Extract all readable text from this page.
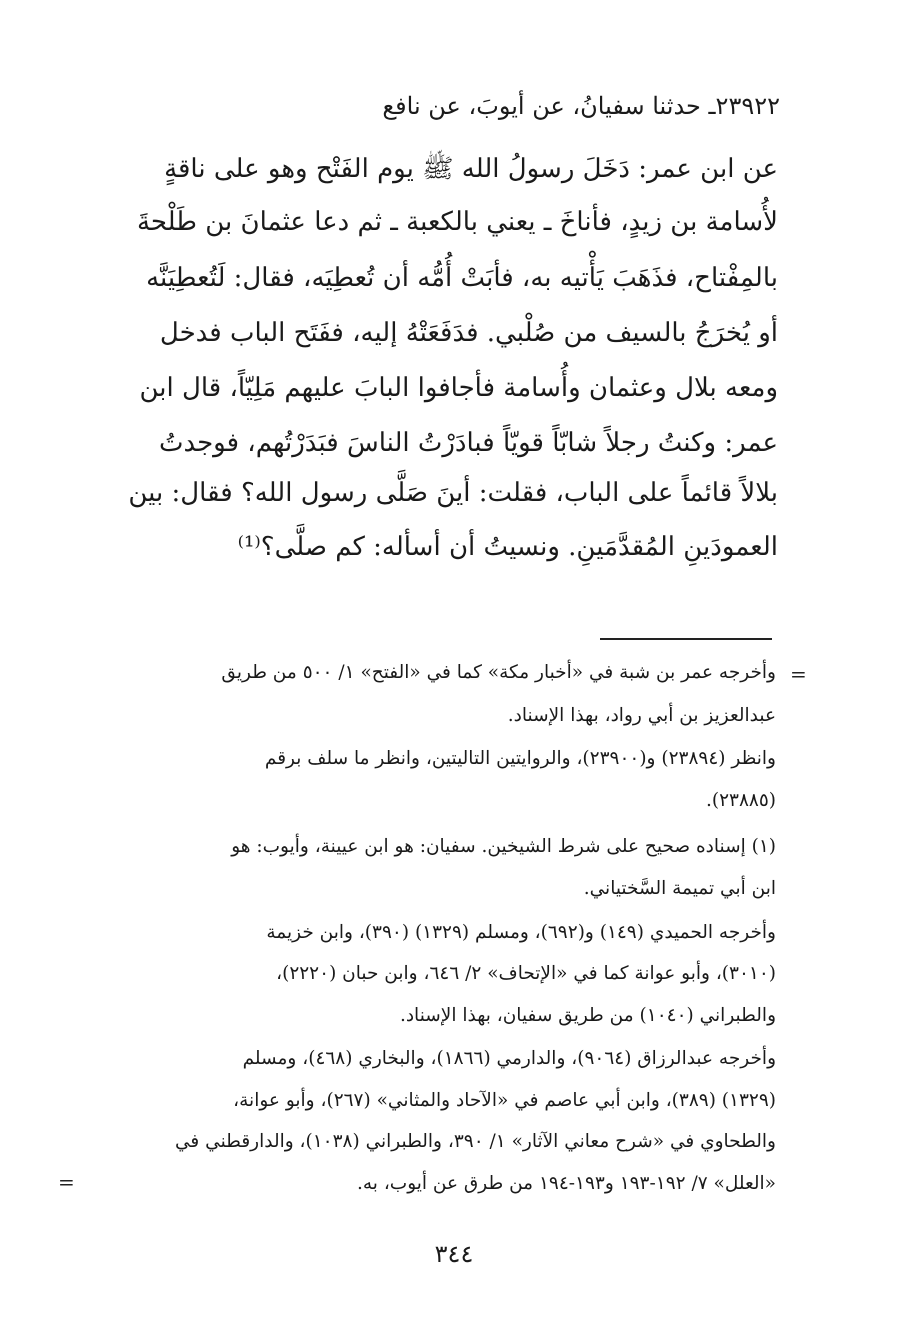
٢٣٩٢٢ـ حدثنا سفيانُ، عن أيوبَ، عن نافع
عن ابن عمر: دَخَلَ رسولُ الله ﷺ يوم الفَتْح وهو على ناقةٍ
لأُسامة بن زيدٍ، فأناخَ ـ يعني بالكعبة ـ ثم دعا عثمانَ بن طَلْحةَ
بالمِفْتاح، فذَهَبَ يَأْتيه به، فأبَتْ أُمُّه أن تُعطِيَه، فقال: لَتُعطِيَنَّه
أو يُخرَجُ بالسيف من صُلْبي. فدَفَعَتْهُ إليه، ففَتَح الباب فدخل
ومعه بلال وعثمان وأُسامة فأجافوا البابَ عليهم مَلِيّاً، قال ابن
عمر: وكنتُ رجلاً شابّاً قويّاً فبادَرْتُ الناسَ فبَدَرْتُهم، فوجدتُ
بلالاً قائماً على الباب، فقلت: أينَ صَلَّى رسول الله؟ فقال: بين
العمودَينِ المُقدَّمَينِ. ونسيتُ أن أسأله: كم صلَّى؟⁽¹⁾
=
وأخرجه عمر بن شبة في «أخبار مكة» كما في «الفتح» ١/ ٥٠٠ من طريق
عبدالعزيز بن أبي رواد، بهذا الإسناد.
وانظر (٢٣٨٩٤) و(٢٣٩٠٠)، والروايتين التاليتين، وانظر ما سلف برقم
(٢٣٨٨٥).
(١) إسناده صحيح على شرط الشيخين. سفيان: هو ابن عيينة، وأيوب: هو
ابن أبي تميمة السَّختياني.
وأخرجه الحميدي (١٤٩) و(٦٩٢)، ومسلم (١٣٢٩) (٣٩٠)، وابن خزيمة
(٣٠١٠)، وأبو عوانة كما في «الإتحاف» ٢/ ٦٤٦، وابن حبان (٢٢٢٠)،
والطبراني (١٠٤٠) من طريق سفيان، بهذا الإسناد.
وأخرجه عبدالرزاق (٩٠٦٤)، والدارمي (١٨٦٦)، والبخاري (٤٦٨)، ومسلم
(١٣٢٩) (٣٨٩)، وابن أبي عاصم في «الآحاد والمثاني» (٢٦٧)، وأبو عوانة،
والطحاوي في «شرح معاني الآثار» ١/ ٣٩٠، والطبراني (١٠٣٨)، والدارقطني في
«العلل» ٧/ ١٩٢-١٩٣ و١٩٣-١٩٤ من طرق عن أيوب، به.
=
٣٤٤
